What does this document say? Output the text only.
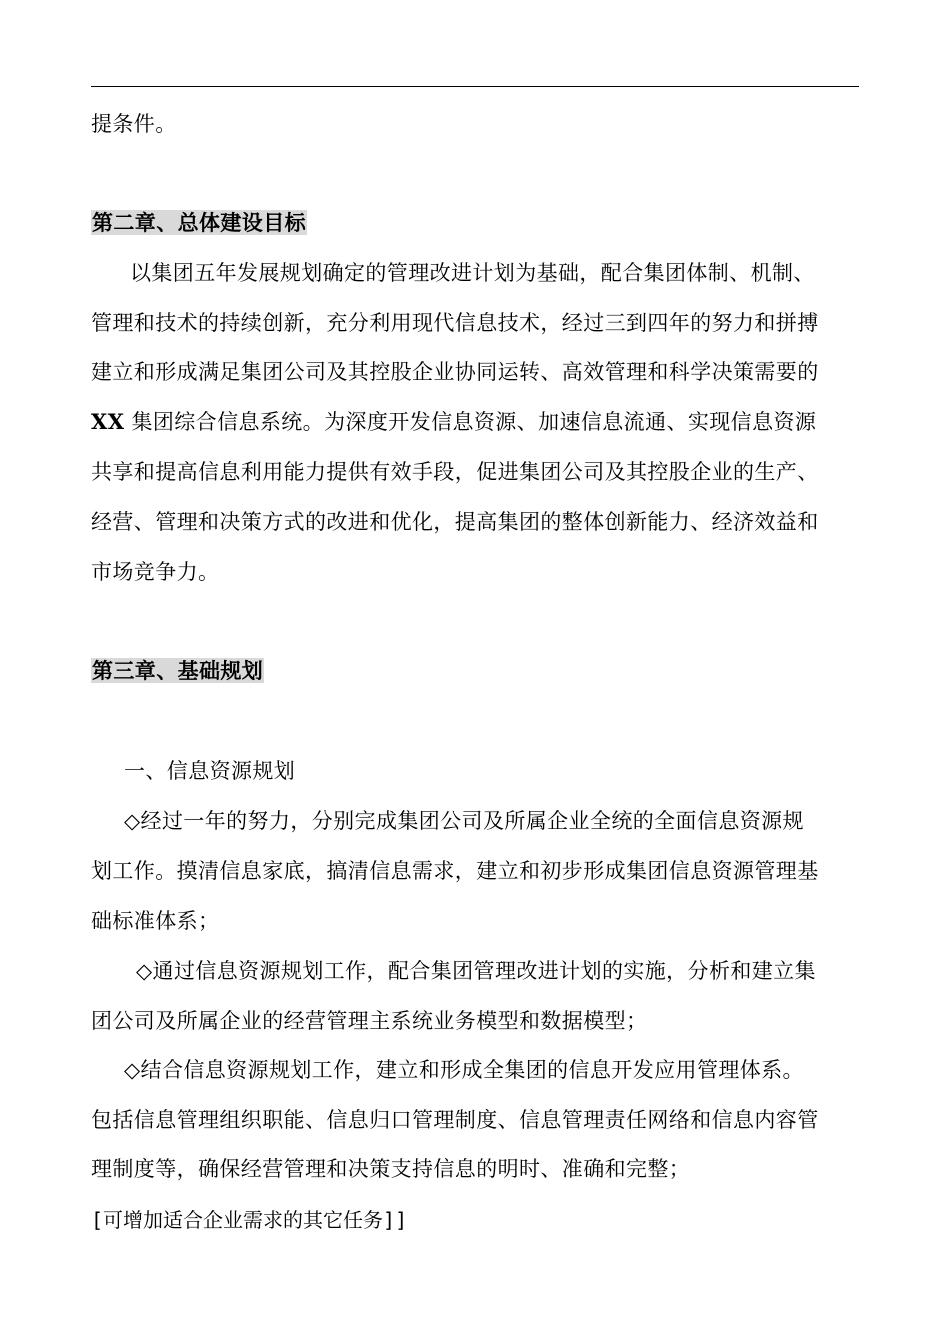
提条件。
第二章、总体建设目标
以集团五年发展规划确定的管理改进计划为基础，配合集团体制、机制、
管理和技术的持续创新，充分利用现代信息技术，经过三到四年的努力和拼搏
建立和形成满足集团公司及其控股企业协同运转、高效管理和科学决策需要的
XX 集团综合信息系统。为深度开发信息资源、加速信息流通、实现信息资源
共享和提高信息利用能力提供有效手段，促进集团公司及其控股企业的生产、
经营、管理和决策方式的改进和优化，提高集团的整体创新能力、经济效益和
市场竞争力。
第三章、基础规划
一、信息资源规划
◇经过一年的努力，分别完成集团公司及所属企业全统的全面信息资源规
划工作。摸清信息家底，搞清信息需求，建立和初步形成集团信息资源管理基
础标准体系；
◇通过信息资源规划工作，配合集团管理改进计划的实施，分析和建立集
团公司及所属企业的经营管理主系统业务模型和数据模型；
◇结合信息资源规划工作，建立和形成全集团的信息开发应用管理体系。
包括信息管理组织职能、信息归口管理制度、信息管理责任网络和信息内容管
理制度等，确保经营管理和决策支持信息的明时、准确和完整；
[可增加适合企业需求的其它任务]]
